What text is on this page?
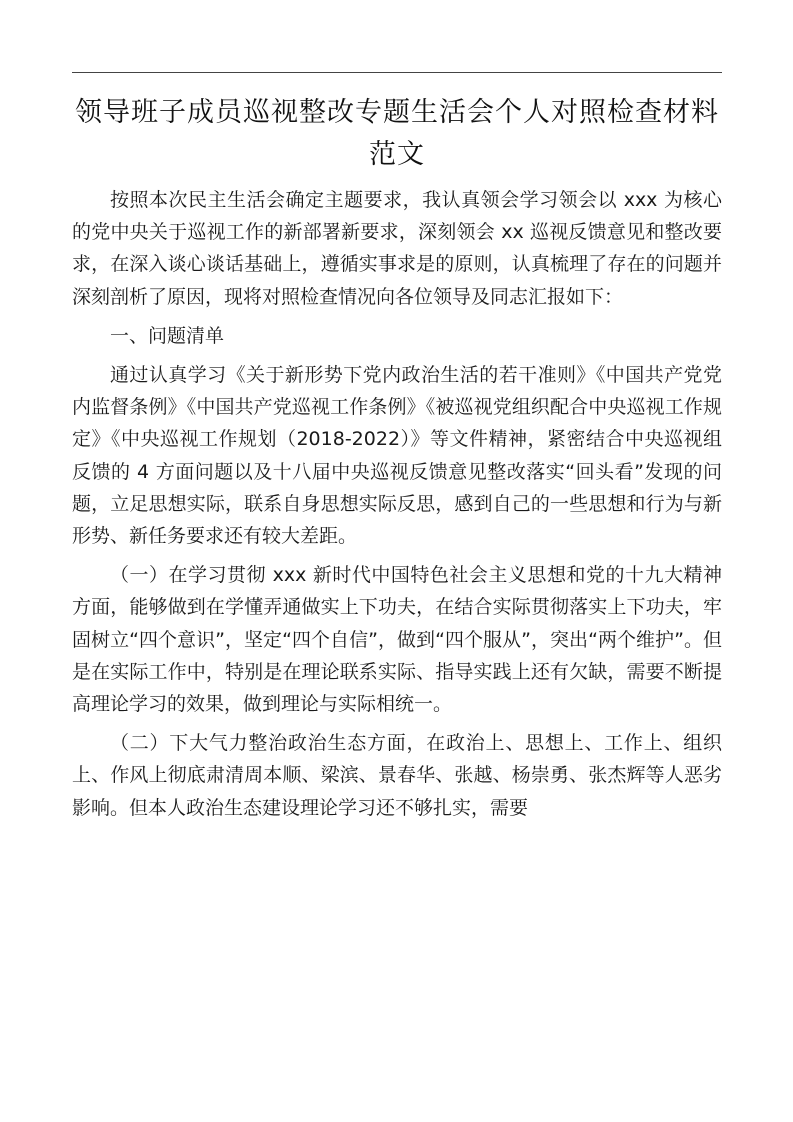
领导班子成员巡视整改专题生活会个人对照检查材料范文

按照本次民主生活会确定主题要求，我认真领会学习领会以 xxx 为核心的党中央关于巡视工作的新部署新要求，深刻领会 xx 巡视反馈意见和整改要求，在深入谈心谈话基础上，遵循实事求是的原则，认真梳理了存在的问题并深刻剖析了原因，现将对照检查情况向各位领导及同志汇报如下：

一、问题清单

通过认真学习《关于新形势下党内政治生活的若干准则》《中国共产党党内监督条例》《中国共产党巡视工作条例》《被巡视党组织配合中央巡视工作规定》《中央巡视工作规划（2018-2022）》等文件精神，紧密结合中央巡视组反馈的 4 方面问题以及十八届中央巡视反馈意见整改落实“回头看”发现的问题，立足思想实际，联系自身思想实际反思，感到自己的一些思想和行为与新形势、新任务要求还有较大差距。

（一）在学习贯彻 xxx 新时代中国特色社会主义思想和党的十九大精神方面，能够做到在学懂弄通做实上下功夫，在结合实际贯彻落实上下功夫，牢固树立“四个意识”，坚定“四个自信”，做到“四个服从”，突出“两个维护”。但是在实际工作中，特别是在理论联系实际、指导实践上还有欠缺，需要不断提高理论学习的效果，做到理论与实际相统一。

（二）下大气力整治政治生态方面，在政治上、思想上、工作上、组织上、作风上彻底肃清周本顺、梁滨、景春华、张越、杨崇勇、张杰辉等人恶劣影响。但本人政治生态建设理论学习还不够扎实，需要
